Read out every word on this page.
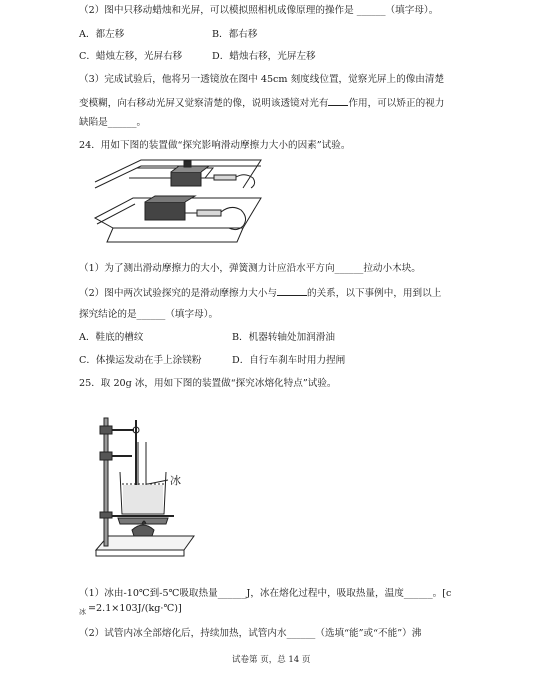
（2）图中只移动蜡烛和光屏，可以模拟照相机成像原理的操作是 ______（填字母）。
A．都左移	B．都右移
C．蜡烛左移，光屏右移	D．蜡烛右移，光屏左移
（3）完成试验后，他将另一透镜放在图中 45cm 刻度线位置，觉察光屏上的像由清楚
变模糊，向右移动光屏又觉察清楚的像，说明该透镜对光有 作用，可以矫正的视力
缺陷是______。
24．用如下图的装置做“探究影响滑动摩擦力大小的因素”试验。
（1）为了测出滑动摩擦力的大小，弹簧测力计应沿水平方向______拉动小木块。
（2）图中两次试验探究的是滑动摩擦力大小与	的关系，以下事例中，用到以上
探究结论的是______（填字母）。
A．鞋底的槽纹	B．机器转轴处加润滑油
C．体操运发动在手上涂镁粉	D．自行车刹车时用力捏闸
25．取 20g 冰，用如下图的装置做“探究冰熔化特点”试验。
冰
（1）冰由-10℃到-5℃吸取热量______J，冰在熔化过程中，吸取热量，温度______。[c
冰 =2.1×103J/(kg·℃)]
（2）试管内冰全部熔化后，持续加热，试管内水______（选填“能”或“不能”）沸
试卷第 页，总 14 页
